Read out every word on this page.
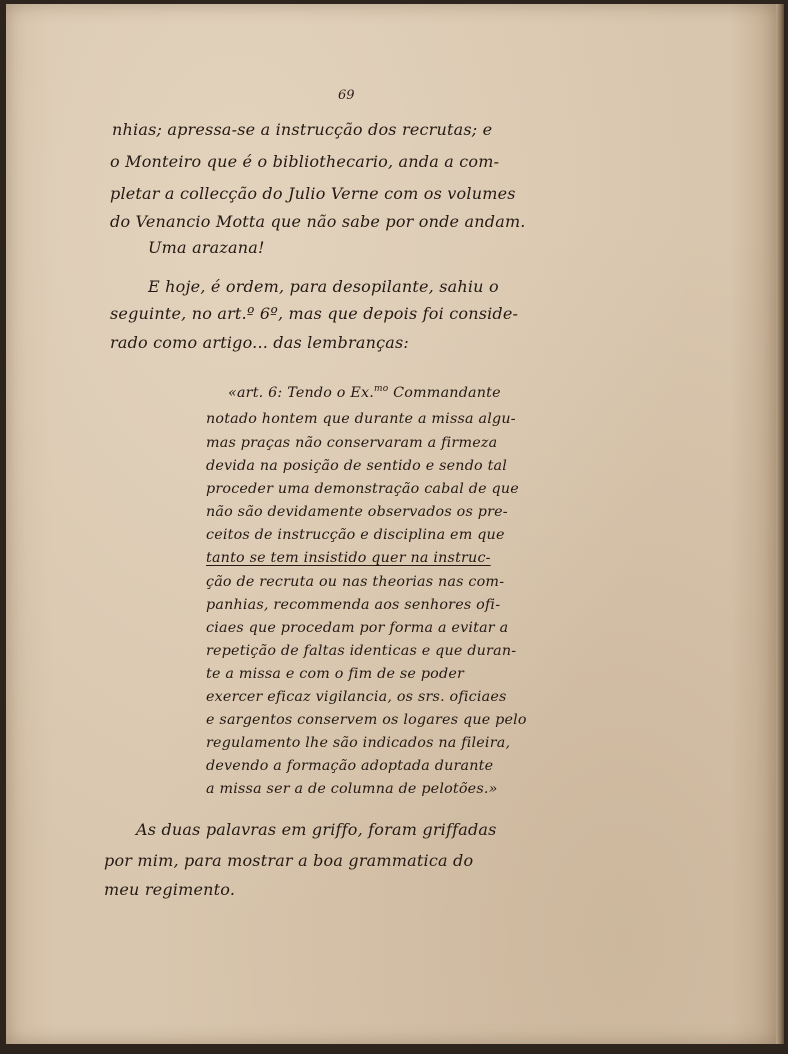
69

nhias; apressa-se a instrucção dos recrutas; e

o Monteiro que é o bibliothecario, anda a com-

pletar a collecção do Julio Verne com os volumes

do Venancio Motta que não sabe por onde andam.

Uma arazana!

E hoje, é ordem, para desopilante, sahiu o

seguinte, no art.º 6º, mas que depois foi conside-

rado como artigo... das lembranças:

«art. 6: Tendo o Ex.$^{mo}$ Commandante

notado hontem que durante a missa algu-

mas praças não conservaram a firmeza

devida na posição de sentido e sendo tal

proceder uma demonstração cabal de que

não são devidamente observados os pre-

ceitos de instrucção e disciplina em que

tanto se tem insistido quer na instruc-

ção de recruta ou nas theorias nas com-

panhias, recommenda aos senhores ofi-

ciaes que procedam por forma a evitar a

repetição de faltas identicas e que duran-

te a missa e com o fim de se poder

exercer eficaz vigilancia, os srs. oficiaes

e sargentos conservem os logares que pelo

regulamento lhe são indicados na fileira,

devendo a formação adoptada durante

a missa ser a de columna de pelotões.»

As duas palavras em griffo, foram griffadas

por mim, para mostrar a boa grammatica do

meu regimento.
